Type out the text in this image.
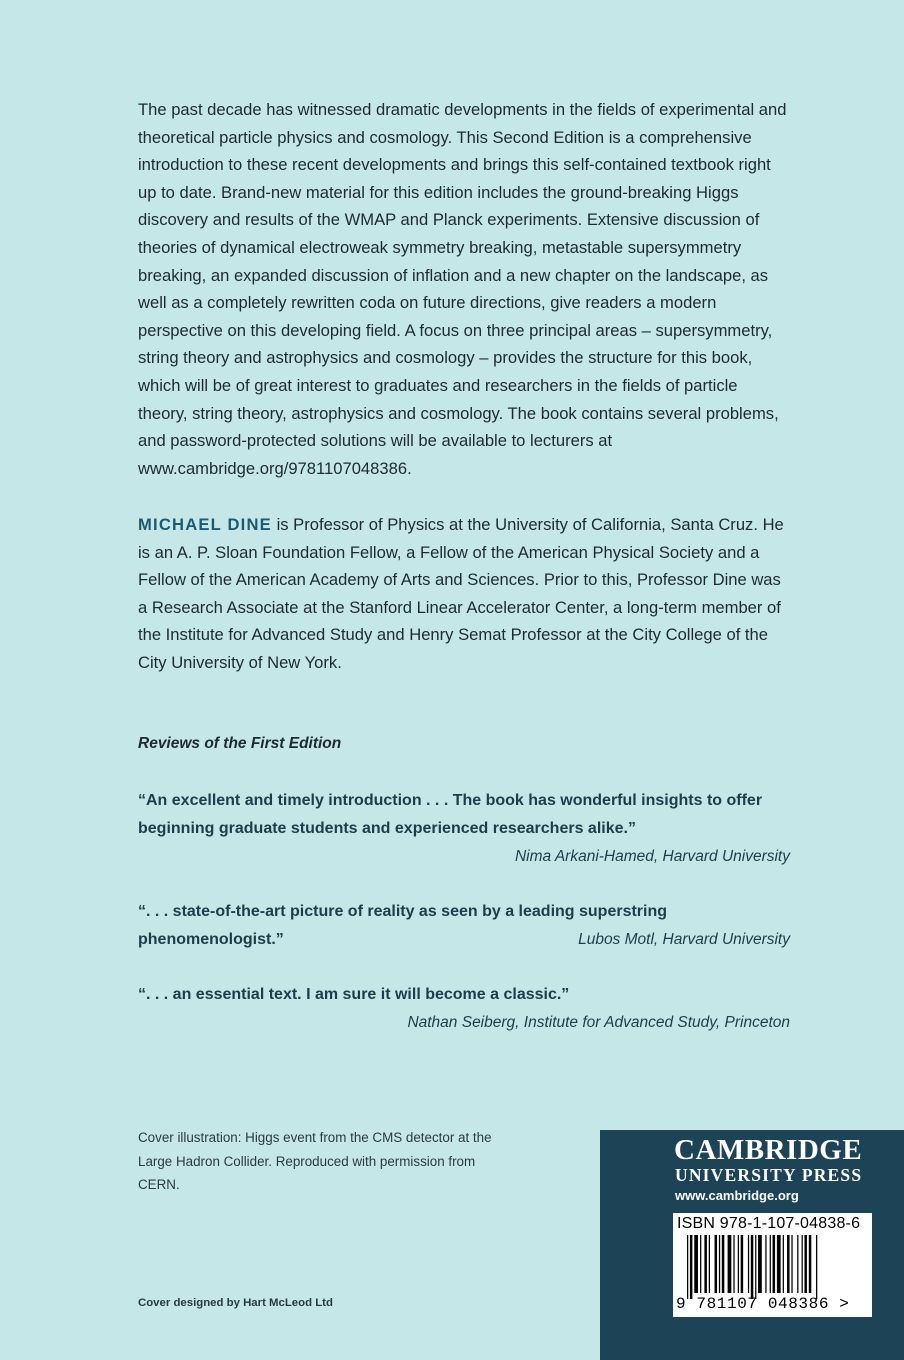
The past decade has witnessed dramatic developments in the fields of experimental and theoretical particle physics and cosmology. This Second Edition is a comprehensive introduction to these recent developments and brings this self-contained textbook right up to date. Brand-new material for this edition includes the ground-breaking Higgs discovery and results of the WMAP and Planck experiments. Extensive discussion of theories of dynamical electroweak symmetry breaking, metastable supersymmetry breaking, an expanded discussion of inflation and a new chapter on the landscape, as well as a completely rewritten coda on future directions, give readers a modern perspective on this developing field. A focus on three principal areas – supersymmetry, string theory and astrophysics and cosmology – provides the structure for this book, which will be of great interest to graduates and researchers in the fields of particle theory, string theory, astrophysics and cosmology. The book contains several problems, and password-protected solutions will be available to lecturers at www.cambridge.org/9781107048386.

MICHAEL DINE is Professor of Physics at the University of California, Santa Cruz. He is an A. P. Sloan Foundation Fellow, a Fellow of the American Physical Society and a Fellow of the American Academy of Arts and Sciences. Prior to this, Professor Dine was a Research Associate at the Stanford Linear Accelerator Center, a long-term member of the Institute for Advanced Study and Henry Semat Professor at the City College of the City University of New York.

Reviews of the First Edition
“An excellent and timely introduction . . . The book has wonderful insights to offer beginning graduate students and experienced researchers alike.”
Nima Arkani-Hamed, Harvard University
“. . . state-of-the-art picture of reality as seen by a leading superstring
phenomenologist.”	Lubos Motl, Harvard University
“. . . an essential text. I am sure it will become a classic.”
Nathan Seiberg, Institute for Advanced Study, Princeton
Cover illustration: Higgs event from the CMS detector at the Large Hadron Collider. Reproduced with permission from CERN.
Cover designed by Hart McLeod Ltd
CAMBRIDGE
UNIVERSITY PRESS
www.cambridge.org
ISBN 978-1-107-04838-6
9 781107 048386 >
